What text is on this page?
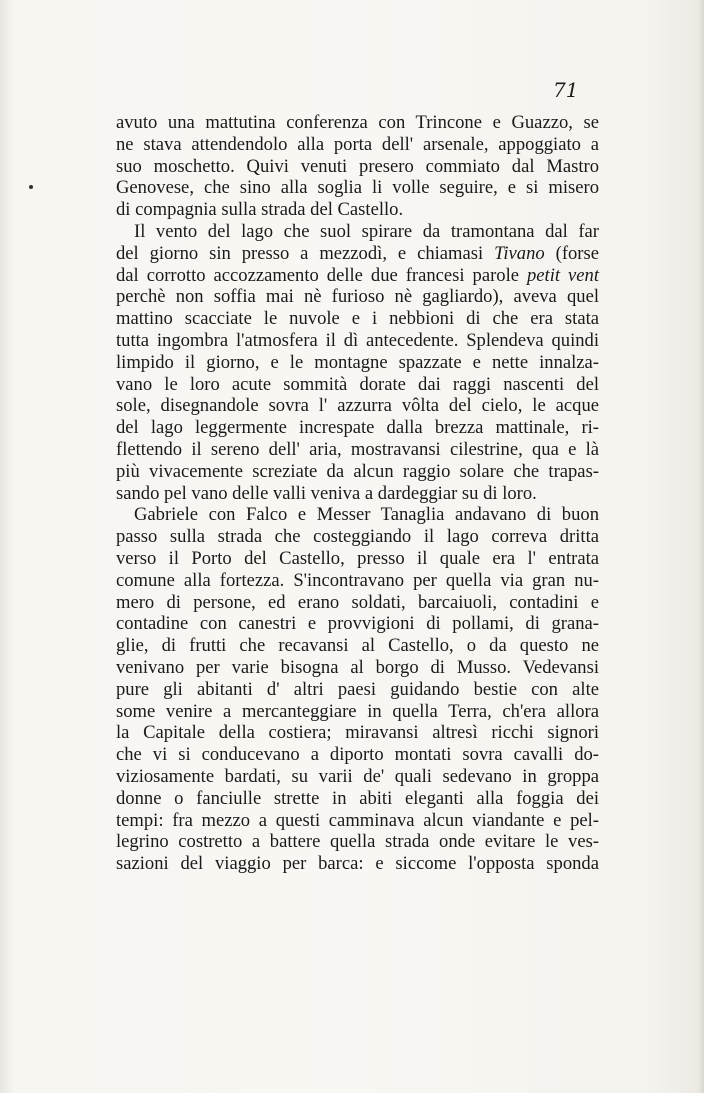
71
avuto una mattutina conferenza con Trincone e Guazzo, se
ne stava attendendolo alla porta dell' arsenale, appoggiato a
suo moschetto. Quivi venuti presero commiato dal Mastro
Genovese, che sino alla soglia li volle seguire, e si misero
di compagnia sulla strada del Castello.
Il vento del lago che suol spirare da tramontana dal far
del giorno sin presso a mezzodì, e chiamasi Tivano (forse
dal corrotto accozzamento delle due francesi parole petit vent
perchè non soffia mai nè furioso nè gagliardo), aveva quel
mattino scacciate le nuvole e i nebbioni di che era stata
tutta ingombra l'atmosfera il dì antecedente. Splendeva quindi
limpido il giorno, e le montagne spazzate e nette innalza-
vano le loro acute sommità dorate dai raggi nascenti del
sole, disegnandole sovra l' azzurra vôlta del cielo, le acque
del lago leggermente increspate dalla brezza mattinale, ri-
flettendo il sereno dell' aria, mostravansi cilestrine, qua e là
più vivacemente screziate da alcun raggio solare che trapas-
sando pel vano delle valli veniva a dardeggiar su di loro.
Gabriele con Falco e Messer Tanaglia andavano di buon
passo sulla strada che costeggiando il lago correva dritta
verso il Porto del Castello, presso il quale era l' entrata
comune alla fortezza. S'incontravano per quella via gran nu-
mero di persone, ed erano soldati, barcaiuoli, contadini e
contadine con canestri e provvigioni di pollami, di grana-
glie, di frutti che recavansi al Castello, o da questo ne
venivano per varie bisogna al borgo di Musso. Vedevansi
pure gli abitanti d' altri paesi guidando bestie con alte
some venire a mercanteggiare in quella Terra, ch'era allora
la Capitale della costiera; miravansi altresì ricchi signori
che vi si conducevano a diporto montati sovra cavalli do-
viziosamente bardati, su varii de' quali sedevano in groppa
donne o fanciulle strette in abiti eleganti alla foggia dei
tempi: fra mezzo a questi camminava alcun viandante e pel-
legrino costretto a battere quella strada onde evitare le ves-
sazioni del viaggio per barca: e siccome l'opposta sponda
